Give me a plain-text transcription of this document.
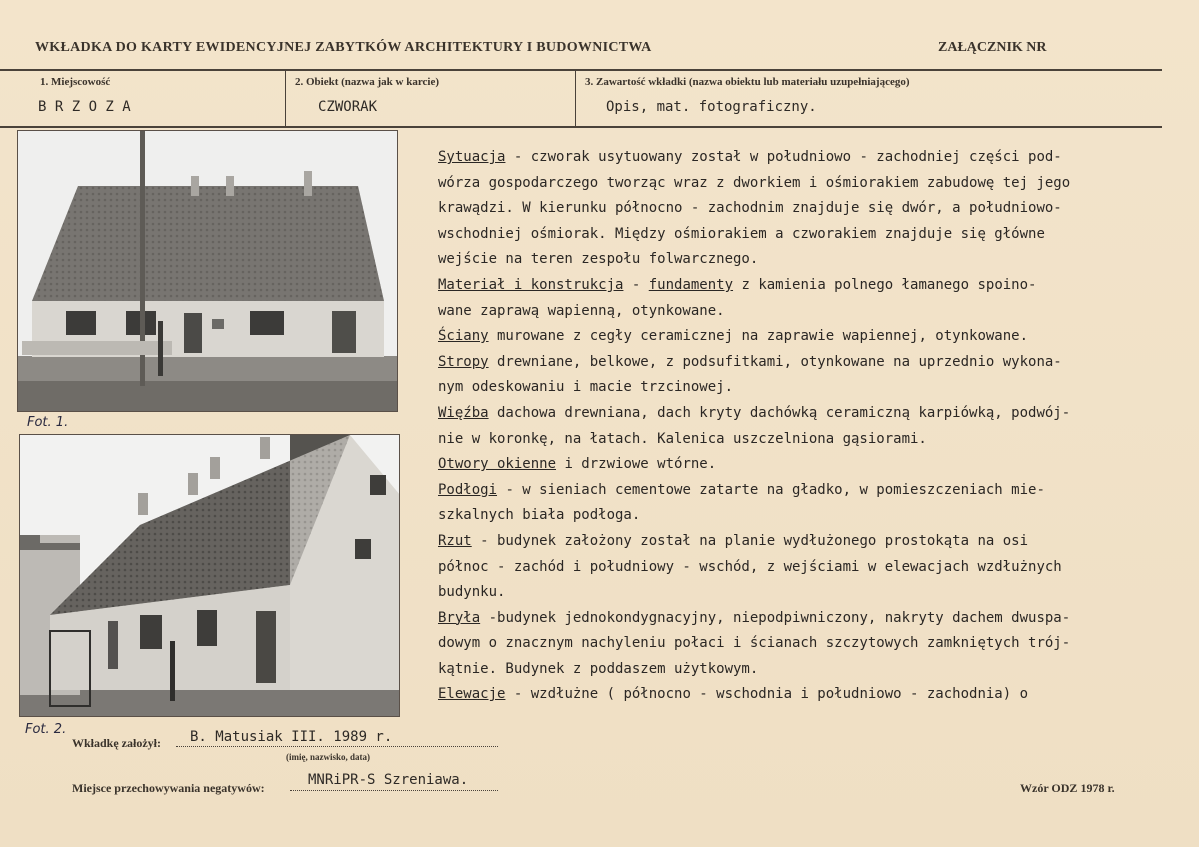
WKŁADKA DO KARTY EWIDENCYJNEJ ZABYTKÓW ARCHITEKTURY I BUDOWNICTWA	ZAŁĄCZNIK NR
1. Miejscowość
B R Z O Z A
2. Obiekt (nazwa jak w karcie)
CZWORAK
3. Zawartość wkładki (nazwa obiektu lub materiału uzupełniającego)
Opis, mat. fotograficzny.
Fot. 1.
Fot. 2.
Sytuacja - czworak usytuowany został w południowo - zachodniej części pod-
wórza gospodarczego tworząc wraz z dworkiem i ośmiorakiem zabudowę tej jego
krawądzi. W kierunku północno - zachodnim znajduje się dwór, a południowo-
wschodniej ośmiorak. Między ośmiorakiem a czworakiem znajduje się główne
wejście na teren zespołu folwarcznego.
Materiał i konstrukcja - fundamenty z kamienia polnego łamanego spoino-
wane zaprawą wapienną, otynkowane.
Ściany murowane z cegły ceramicznej na zaprawie wapiennej, otynkowane.
Stropy drewniane, belkowe, z podsufitkami, otynkowane na uprzednio wykona-
nym odeskowaniu i macie trzcinowej.
Więźba dachowa drewniana, dach kryty dachówką ceramiczną karpiówką, podwój-
nie w koronkę, na łatach. Kalenica uszczelniona gąsiorami.
Otwory okienne i drzwiowe wtórne.
Podłogi - w sieniach cementowe zatarte na gładko, w pomieszczeniach mie-
szkalnych biała podłoga.
Rzut - budynek założony został na planie wydłużonego prostokąta na osi
północ - zachód i południowy - wschód, z wejściami w elewacjach wzdłużnych
budynku.
Bryła -budynek jednokondygnacyjny, niepodpiwniczony, nakryty dachem dwuspa-
dowym o znacznym nachyleniu połaci i ścianach szczytowych zamkniętych trój-
kątnie. Budynek z poddaszem użytkowym.
Elewacje - wzdłużne ( północno - wschodnia i południowo - zachodnia) o
Wkładkę założył: B. Matusiak III. 1989 r.
(imię, nazwisko, data)
Miejsce przechowywania negatywów:	MNRiPR-S Szreniawa.	Wzór ODZ 1978 r.
